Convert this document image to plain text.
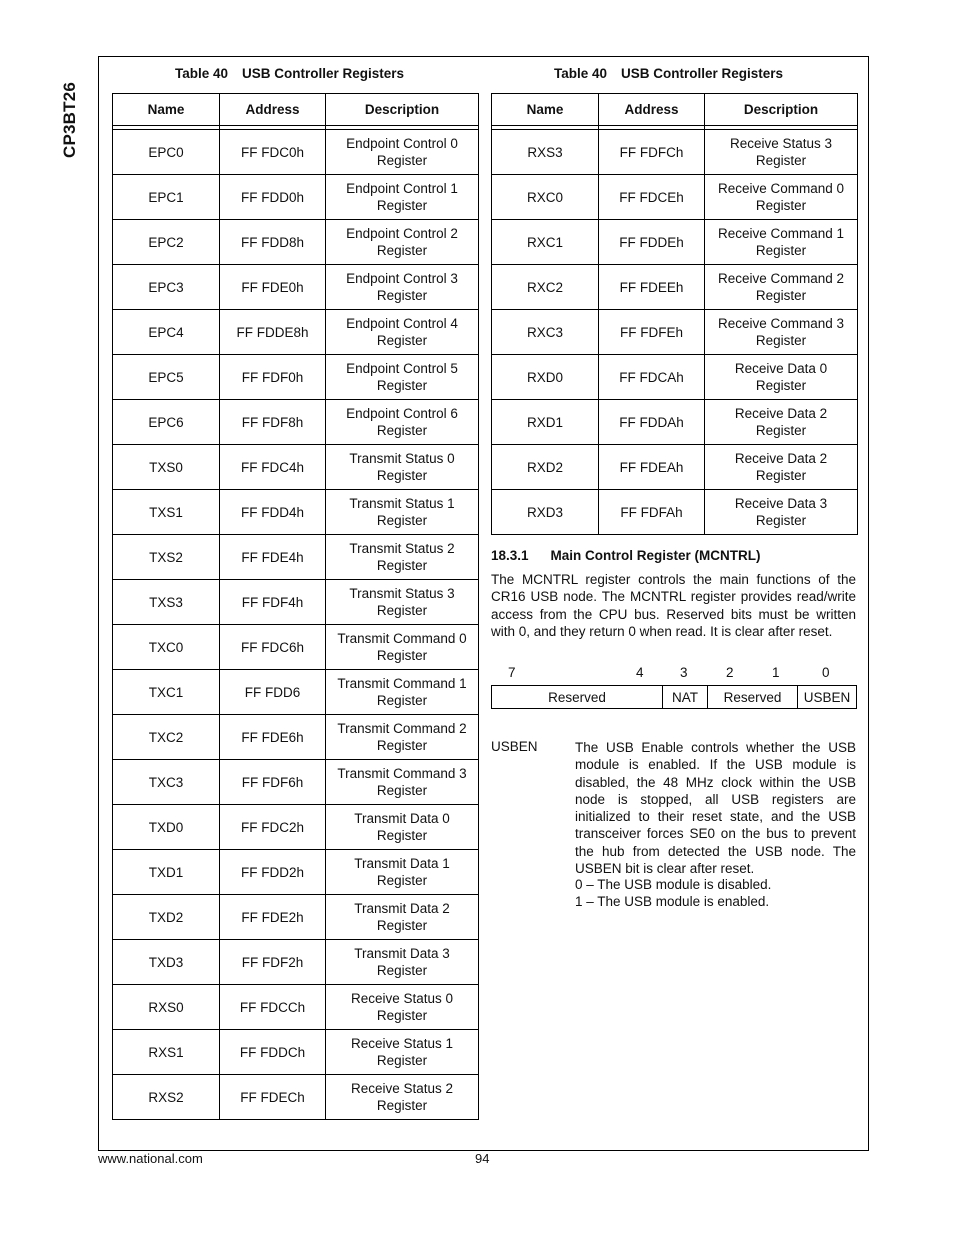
CP3BT26
Table 40 USB Controller Registers
Name	Address	Description

EPC0	FF FDC0h	Endpoint Control 0
Register

EPC1	FF FDD0h	Endpoint Control 1
Register

EPC2	FF FDD8h	Endpoint Control 2
Register

EPC3	FF FDE0h	Endpoint Control 3
Register

EPC4	FF FDDE8h	Endpoint Control 4
Register

EPC5	FF FDF0h	Endpoint Control 5
Register

EPC6	FF FDF8h	Endpoint Control 6
Register

TXS0	FF FDC4h	Transmit Status 0
Register

TXS1	FF FDD4h	Transmit Status 1
Register

TXS2	FF FDE4h	Transmit Status 2
Register

TXS3	FF FDF4h	Transmit Status 3
Register

TXC0	FF FDC6h	Transmit Command 0
Register

TXC1	FF FDD6	Transmit Command 1
Register

TXC2	FF FDE6h	Transmit Command 2
Register

TXC3	FF FDF6h	Transmit Command 3
Register

TXD0	FF FDC2h	Transmit Data 0
Register

TXD1	FF FDD2h	Transmit Data 1
Register

TXD2	FF FDE2h	Transmit Data 2
Register

TXD3	FF FDF2h	Transmit Data 3
Register

RXS0	FF FDCCh	Receive Status 0
Register

RXS1	FF FDDCh	Receive Status 1
Register

RXS2	FF FDECh	Receive Status 2
Register
Table 40 USB Controller Registers
Name	Address	Description

RXS3	FF FDFCh	Receive Status 3
Register

RXC0	FF FDCEh	Receive Command 0
Register

RXC1	FF FDDEh	Receive Command 1
Register

RXC2	FF FDEEh	Receive Command 2
Register

RXC3	FF FDFEh	Receive Command 3
Register

RXD0	FF FDCAh	Receive Data 0
Register

RXD1	FF FDDAh	Receive Data 2
Register

RXD2	FF FDEAh	Receive Data 2
Register

RXD3	FF FDFAh	Receive Data 3
Register
18.3.1 Main Control Register (MCNTRL)
The MCNTRL register controls the main functions of the CR16 USB node. The MCNTRL register provides read/write access from the CPU bus. Reserved bits must be written with 0, and they return 0 when read. It is clear after reset.
7	4	3	2	1	0
Reserved	NAT	Reserved	USBEN
USBEN	The USB Enable controls whether the USB module is enabled. If the USB module is disabled, the 48 MHz clock within the USB node is stopped, all USB registers are initialized to their reset state, and the USB transceiver forces SE0 on the bus to prevent the hub from detected the USB node. The USBEN bit is clear after reset.
0 – The USB module is disabled.
1 – The USB module is enabled.
www.national.com	94
